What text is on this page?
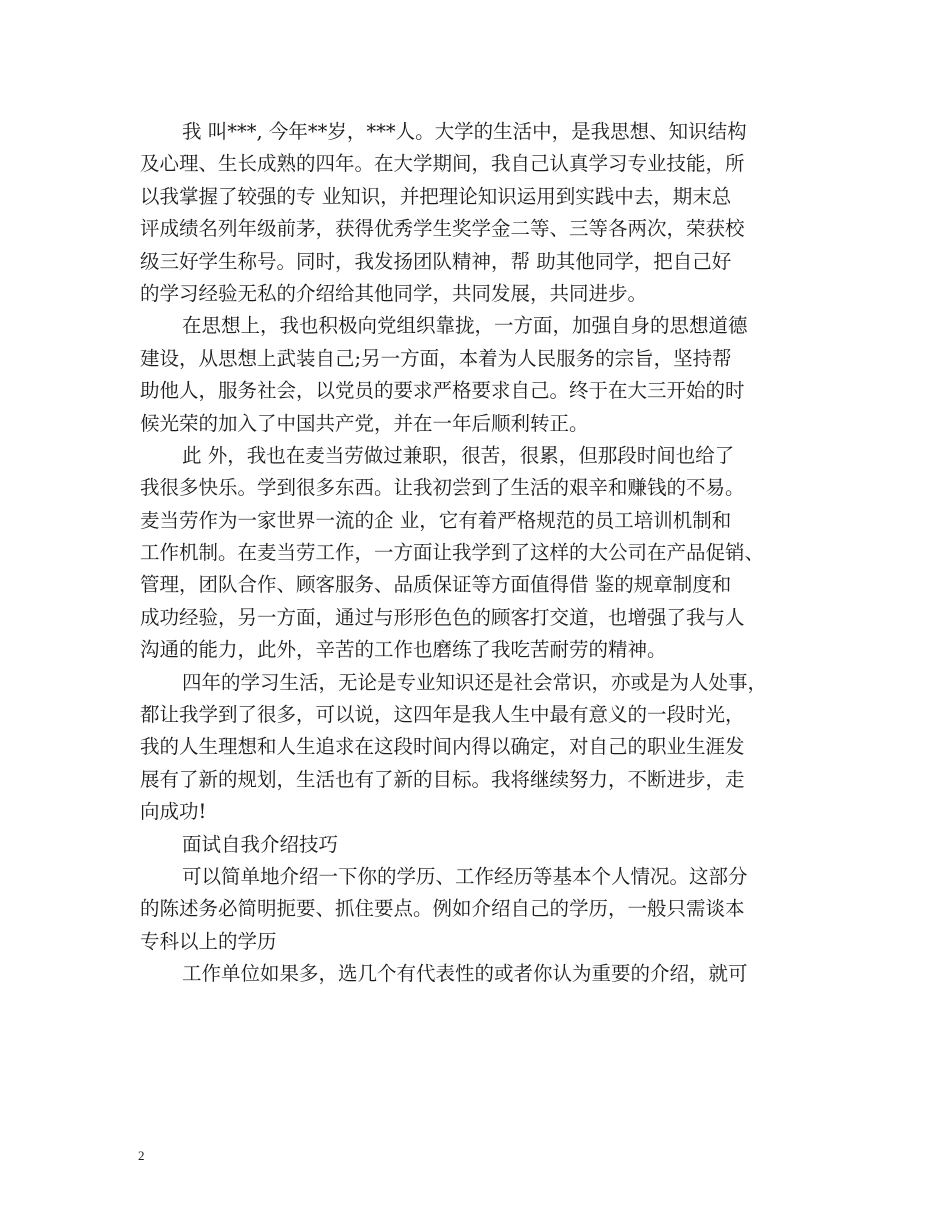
我 叫***, 今年**岁，***人。大学的生活中，是我思想、知识结构
及心理、生长成熟的四年。在大学期间，我自己认真学习专业技能，所
以我掌握了较强的专 业知识，并把理论知识运用到实践中去，期末总
评成绩名列年级前茅，获得优秀学生奖学金二等、三等各两次，荣获校
级三好学生称号。同时，我发扬团队精神，帮 助其他同学，把自己好
的学习经验无私的介绍给其他同学，共同发展，共同进步。
在思想上，我也积极向党组织靠拢，一方面，加强自身的思想道德
建设，从思想上武装自己;另一方面，本着为人民服务的宗旨，坚持帮
助他人，服务社会，以党员的要求严格要求自己。终于在大三开始的时
候光荣的加入了中国共产党，并在一年后顺利转正。
此 外，我也在麦当劳做过兼职，很苦，很累，但那段时间也给了
我很多快乐。学到很多东西。让我初尝到了生活的艰辛和赚钱的不易。
麦当劳作为一家世界一流的企 业，它有着严格规范的员工培训机制和
工作机制。在麦当劳工作，一方面让我学到了这样的大公司在产品促销、
管理，团队合作、顾客服务、品质保证等方面值得借 鉴的规章制度和
成功经验，另一方面，通过与形形色色的顾客打交道，也增强了我与人
沟通的能力，此外，辛苦的工作也磨练了我吃苦耐劳的精神。
四年的学习生活，无论是专业知识还是社会常识，亦或是为人处事，
都让我学到了很多，可以说，这四年是我人生中最有意义的一段时光，
我的人生理想和人生追求在这段时间内得以确定，对自己的职业生涯发
展有了新的规划，生活也有了新的目标。我将继续努力，不断进步，走
向成功!
面试自我介绍技巧
可以简单地介绍一下你的学历、工作经历等基本个人情况。这部分
的陈述务必简明扼要、抓住要点。例如介绍自己的学历，一般只需谈本
专科以上的学历
工作单位如果多，选几个有代表性的或者你认为重要的介绍，就可
2
